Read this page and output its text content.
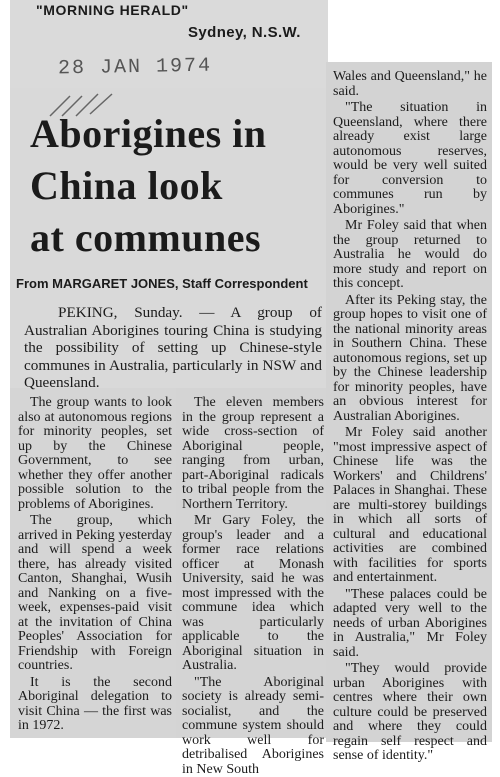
"MORNING HERALD"
Sydney, N.S.W.
28 JAN 1974
Aborigines in
China look
at communes
From MARGARET JONES, Staff Correspondent

PEKING, Sunday. — A group of Australian Aborigines touring China is studying the possibility of setting up Chinese-style communes in Australia, particularly in NSW and Queensland.

The group wants to look also at autonomous regions for minority peoples, set up by the Chinese Government, to see whether they offer another possible solution to the problems of Aborigines.

The group, which arrived in Peking yesterday and will spend a week there, has already visited Canton, Shanghai, Wusih and Nanking on a five-week, expenses-paid visit at the invitation of China Peoples' Association for Friendship with Foreign countries.

It is the second Aboriginal delegation to visit China — the first was in 1972.

The eleven members in the group represent a wide cross-section of Aboriginal people, ranging from urban, part-Aboriginal radicals to tribal people from the Northern Territory.

Mr Gary Foley, the group's leader and a former race relations officer at Monash University, said he was most impressed with the commune idea which was particularly applicable to the Aboriginal situation in Australia.

"The Aboriginal society is already semi-socialist, and the commune system should work well for detribalised Aborigines in New South

Wales and Queensland," he said.

"The situation in Queensland, where there already exist large autonomous reserves, would be very well suited for conversion to communes run by Aborigines."

Mr Foley said that when the group returned to Australia he would do more study and report on this concept.

After its Peking stay, the group hopes to visit one of the national minority areas in Southern China. These autonomous regions, set up by the Chinese leadership for minority peoples, have an obvious interest for Australian Aborigines.

Mr Foley said another "most impressive aspect of Chinese life was the Workers' and Childrens' Palaces in Shanghai. These are multi-storey buildings in which all sorts of cultural and educational activities are combined with facilities for sports and entertainment.

"These palaces could be adapted very well to the needs of urban Aborigines in Australia," Mr Foley said.

"They would provide urban Aborigines with centres where their own culture could be preserved and where they could regain self respect and sense of identity."
